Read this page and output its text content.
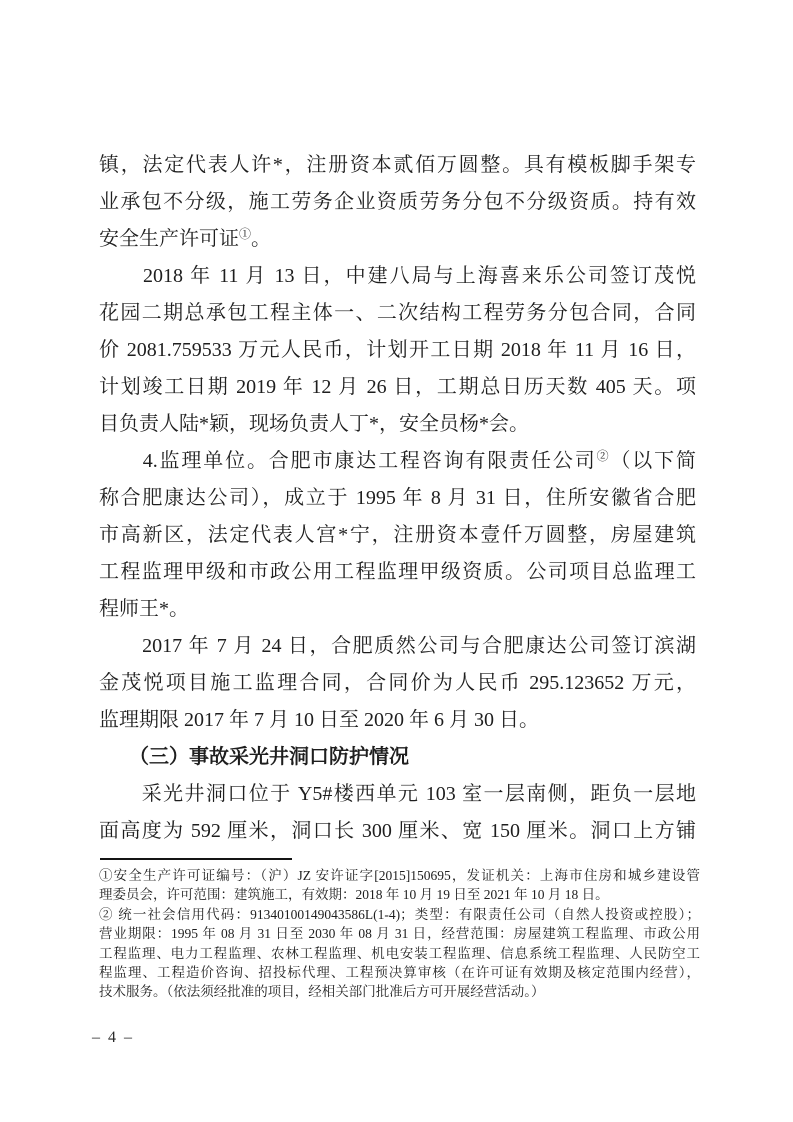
镇，法定代表人许*，注册资本贰佰万圆整。具有模板脚手架专
业承包不分级，施工劳务企业资质劳务分包不分级资质。持有效
安全生产许可证①。
　　2018 年 11 月 13 日，中建八局与上海喜来乐公司签订茂悦
花园二期总承包工程主体一、二次结构工程劳务分包合同，合同
价 2081.759533 万元人民币，计划开工日期 2018 年 11 月 16 日，
计划竣工日期 2019 年 12 月 26 日，工期总日历天数 405 天。项
目负责人陆*颖，现场负责人丁*，安全员杨*会。
　　4.监理单位。合肥市康达工程咨询有限责任公司②（以下简
称合肥康达公司），成立于 1995 年 8 月 31 日，住所安徽省合肥
市高新区，法定代表人宫*宁，注册资本壹仟万圆整，房屋建筑
工程监理甲级和市政公用工程监理甲级资质。公司项目总监理工
程师王*。
　　2017 年 7 月 24 日，合肥质然公司与合肥康达公司签订滨湖
金茂悦项目施工监理合同，合同价为人民币 295.123652 万元，
监理期限 2017 年 7 月 10 日至 2020 年 6 月 30 日。
　　（三）事故采光井洞口防护情况
　　采光井洞口位于 Y5#楼西单元 103 室一层南侧，距负一层地
面高度为 592 厘米，洞口长 300 厘米、宽 150 厘米。洞口上方铺
①安全生产许可证编号：（沪）JZ 安许证字[2015]150695，发证机关：上海市住房和城乡建设管
理委员会，许可范围：建筑施工，有效期：2018 年 10 月 19 日至 2021 年 10 月 18 日。
② 统一社会信用代码：91340100149043586L(1-4)；类型：有限责任公司（自然人投资或控股）；
营业期限：1995 年 08 月 31 日至 2030 年 08 月 31 日，经营范围：房屋建筑工程监理、市政公用
工程监理、电力工程监理、农林工程监理、机电安装工程监理、信息系统工程监理、人民防空工
程监理、工程造价咨询、招投标代理、工程预决算审核（在许可证有效期及核定范围内经营），
技术服务。（依法须经批准的项目，经相关部门批准后方可开展经营活动。）
– 4 –
